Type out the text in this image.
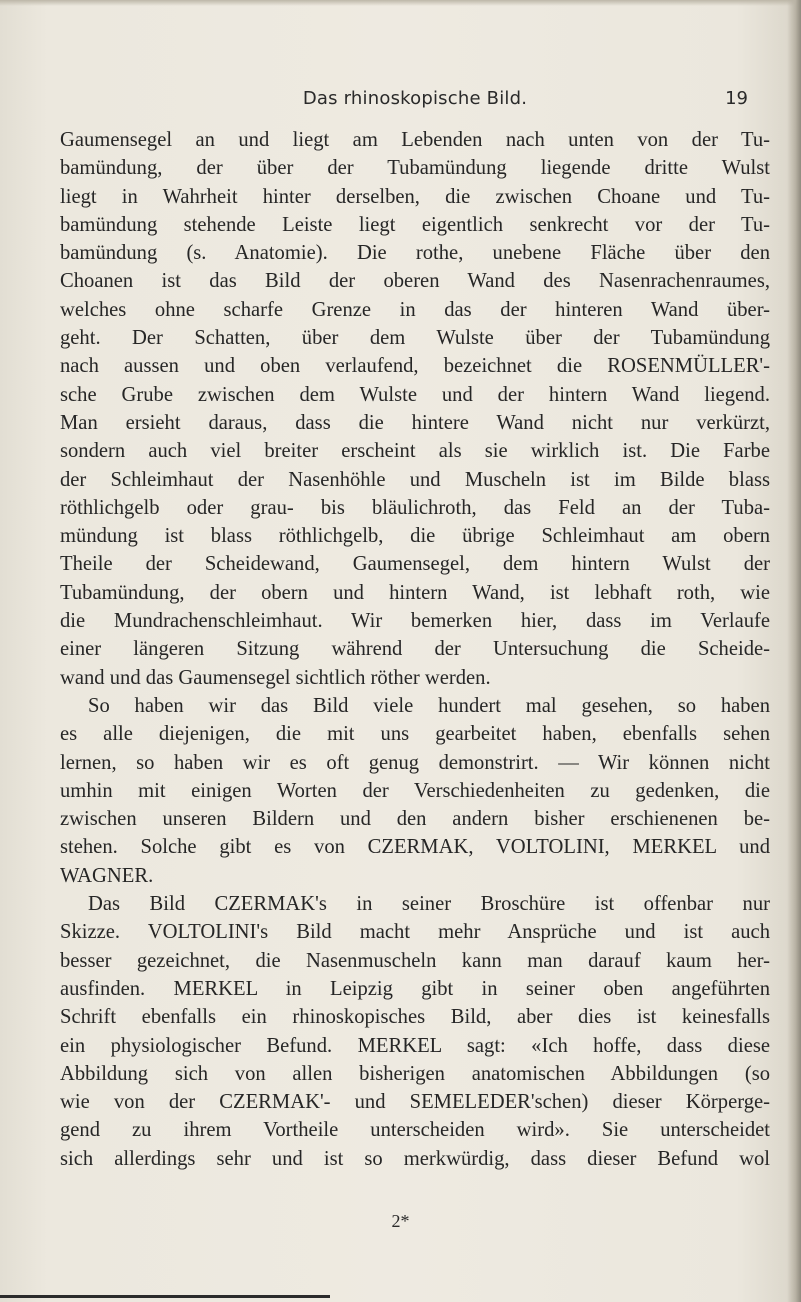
Das rhinoskopische Bild.	19
Gaumensegel an und liegt am Lebenden nach unten von der Tu-
bamündung, der über der Tubamündung liegende dritte Wulst
liegt in Wahrheit hinter derselben, die zwischen Choane und Tu-
bamündung stehende Leiste liegt eigentlich senkrecht vor der Tu-
bamündung (s. Anatomie). Die rothe, unebene Fläche über den
Choanen ist das Bild der oberen Wand des Nasenrachenraumes,
welches ohne scharfe Grenze in das der hinteren Wand über-
geht. Der Schatten, über dem Wulste über der Tubamündung
nach aussen und oben verlaufend, bezeichnet die ROSENMÜLLER'-
sche Grube zwischen dem Wulste und der hintern Wand liegend.
Man ersieht daraus, dass die hintere Wand nicht nur verkürzt,
sondern auch viel breiter erscheint als sie wirklich ist. Die Farbe
der Schleimhaut der Nasenhöhle und Muscheln ist im Bilde blass
röthlichgelb oder grau- bis bläulichroth, das Feld an der Tuba-
mündung ist blass röthlichgelb, die übrige Schleimhaut am obern
Theile der Scheidewand, Gaumensegel, dem hintern Wulst der
Tubamündung, der obern und hintern Wand, ist lebhaft roth, wie
die Mundrachenschleimhaut. Wir bemerken hier, dass im Verlaufe
einer längeren Sitzung während der Untersuchung die Scheide-
wand und das Gaumensegel sichtlich röther werden.
So haben wir das Bild viele hundert mal gesehen, so haben
es alle diejenigen, die mit uns gearbeitet haben, ebenfalls sehen
lernen, so haben wir es oft genug demonstrirt. — Wir können nicht
umhin mit einigen Worten der Verschiedenheiten zu gedenken, die
zwischen unseren Bildern und den andern bisher erschienenen be-
stehen. Solche gibt es von CZERMAK, VOLTOLINI, MERKEL und
WAGNER.
Das Bild CZERMAK's in seiner Broschüre ist offenbar nur
Skizze. VOLTOLINI's Bild macht mehr Ansprüche und ist auch
besser gezeichnet, die Nasenmuscheln kann man darauf kaum her-
ausfinden. MERKEL in Leipzig gibt in seiner oben angeführten
Schrift ebenfalls ein rhinoskopisches Bild, aber dies ist keinesfalls
ein physiologischer Befund. MERKEL sagt: «Ich hoffe, dass diese
Abbildung sich von allen bisherigen anatomischen Abbildungen (so
wie von der CZERMAK'- und SEMELEDER'schen) dieser Körperge-
gend zu ihrem Vortheile unterscheiden wird». Sie unterscheidet
sich allerdings sehr und ist so merkwürdig, dass dieser Befund wol
2*
